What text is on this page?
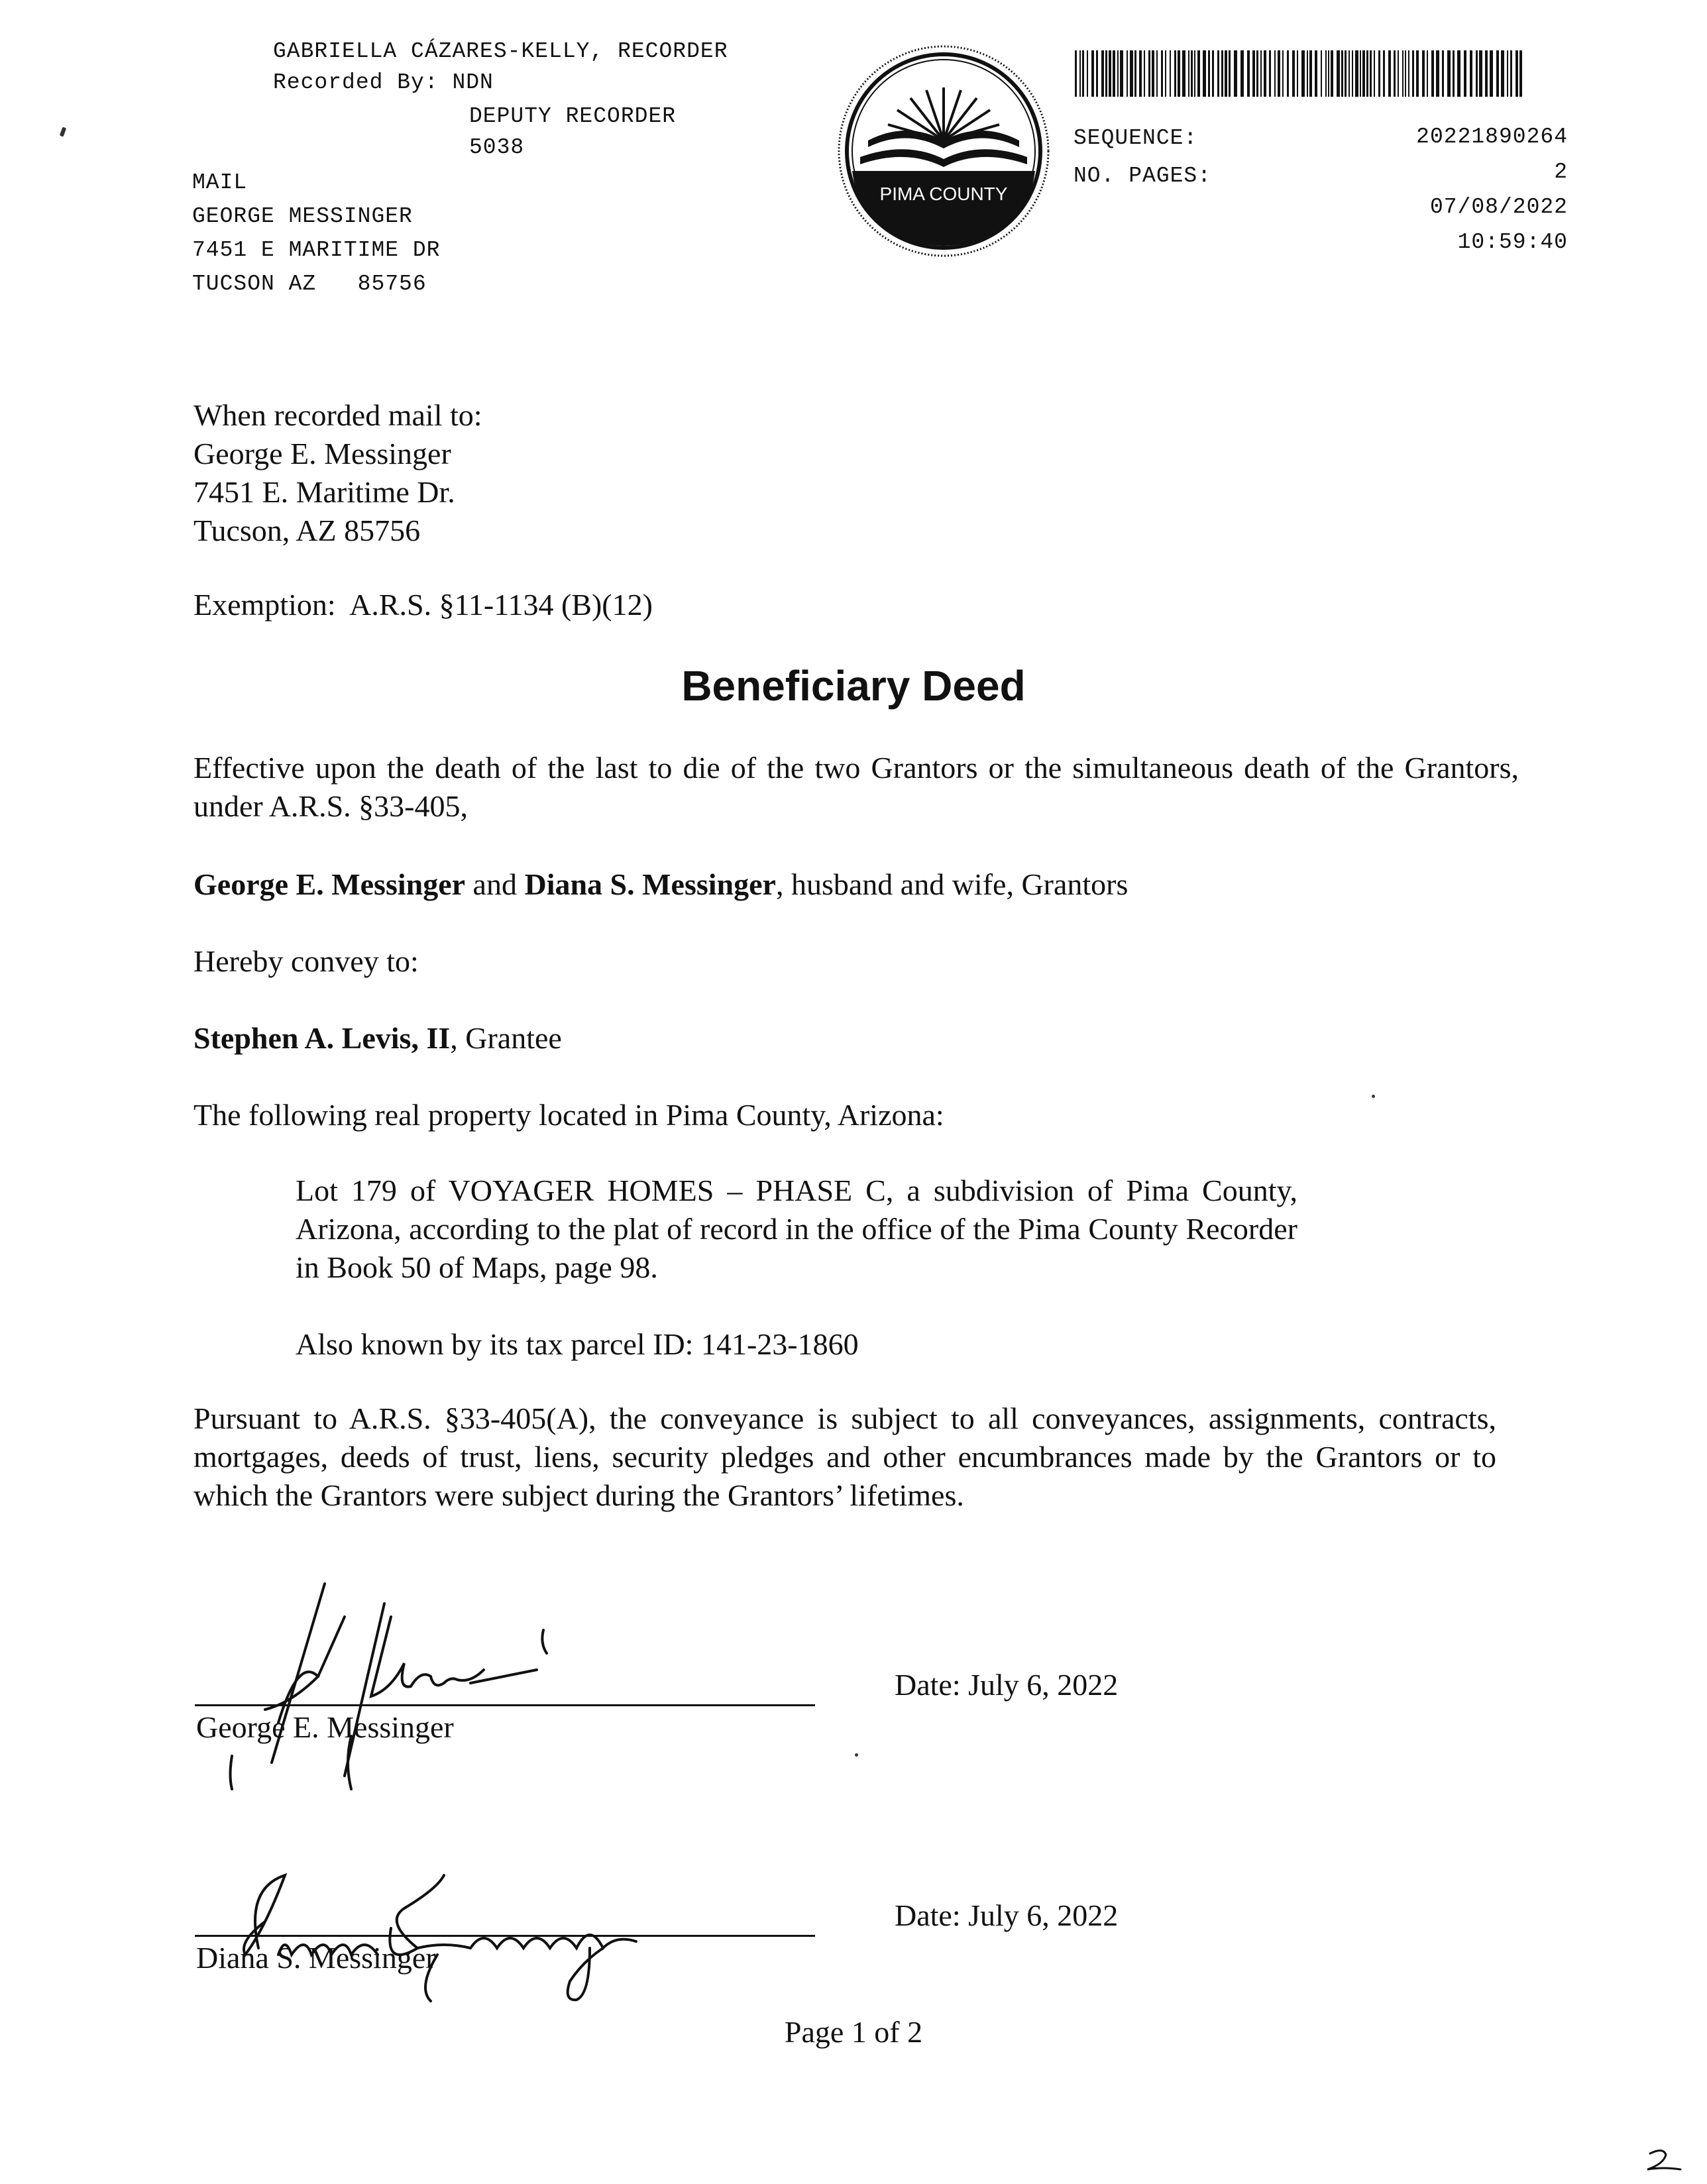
GABRIELLA CÁZARES-KELLY, RECORDER
Recorded By: NDN
DEPUTY RECORDER
5038
MAIL
GEORGE MESSINGER
7451 E MARITIME DR
TUCSON AZ   85756
PIMA COUNTY
SEQUENCE:
NO. PAGES:
20221890264
2
07/08/2022
10:59:40
When recorded mail to:
George E. Messinger
7451 E. Maritime Dr.
Tucson, AZ 85756
Exemption:  A.R.S. §11-1134 (B)(12)
Beneficiary Deed
Effective upon the death of the last to die of the two Grantors or the simultaneous death of the Grantors, under A.R.S. §33-405,
George E. Messinger and Diana S. Messinger, husband and wife, Grantors
Hereby convey to:
Stephen A. Levis, II, Grantee
The following real property located in Pima County, Arizona:
Lot 179 of VOYAGER HOMES – PHASE C, a subdivision of Pima County, Arizona, according to the plat of record in the office of the Pima County Recorder in Book 50 of Maps, page 98.
Also known by its tax parcel ID: 141-23-1860
Pursuant to A.R.S. §33-405(A), the conveyance is subject to all conveyances, assignments, contracts, mortgages, deeds of trust, liens, security pledges and other encumbrances made by the Grantors or to which the Grantors were subject during the Grantors’ lifetimes.
George E. Messinger
Date: July 6, 2022
Diana S. Messinger
Date: July 6, 2022
Page 1 of 2
